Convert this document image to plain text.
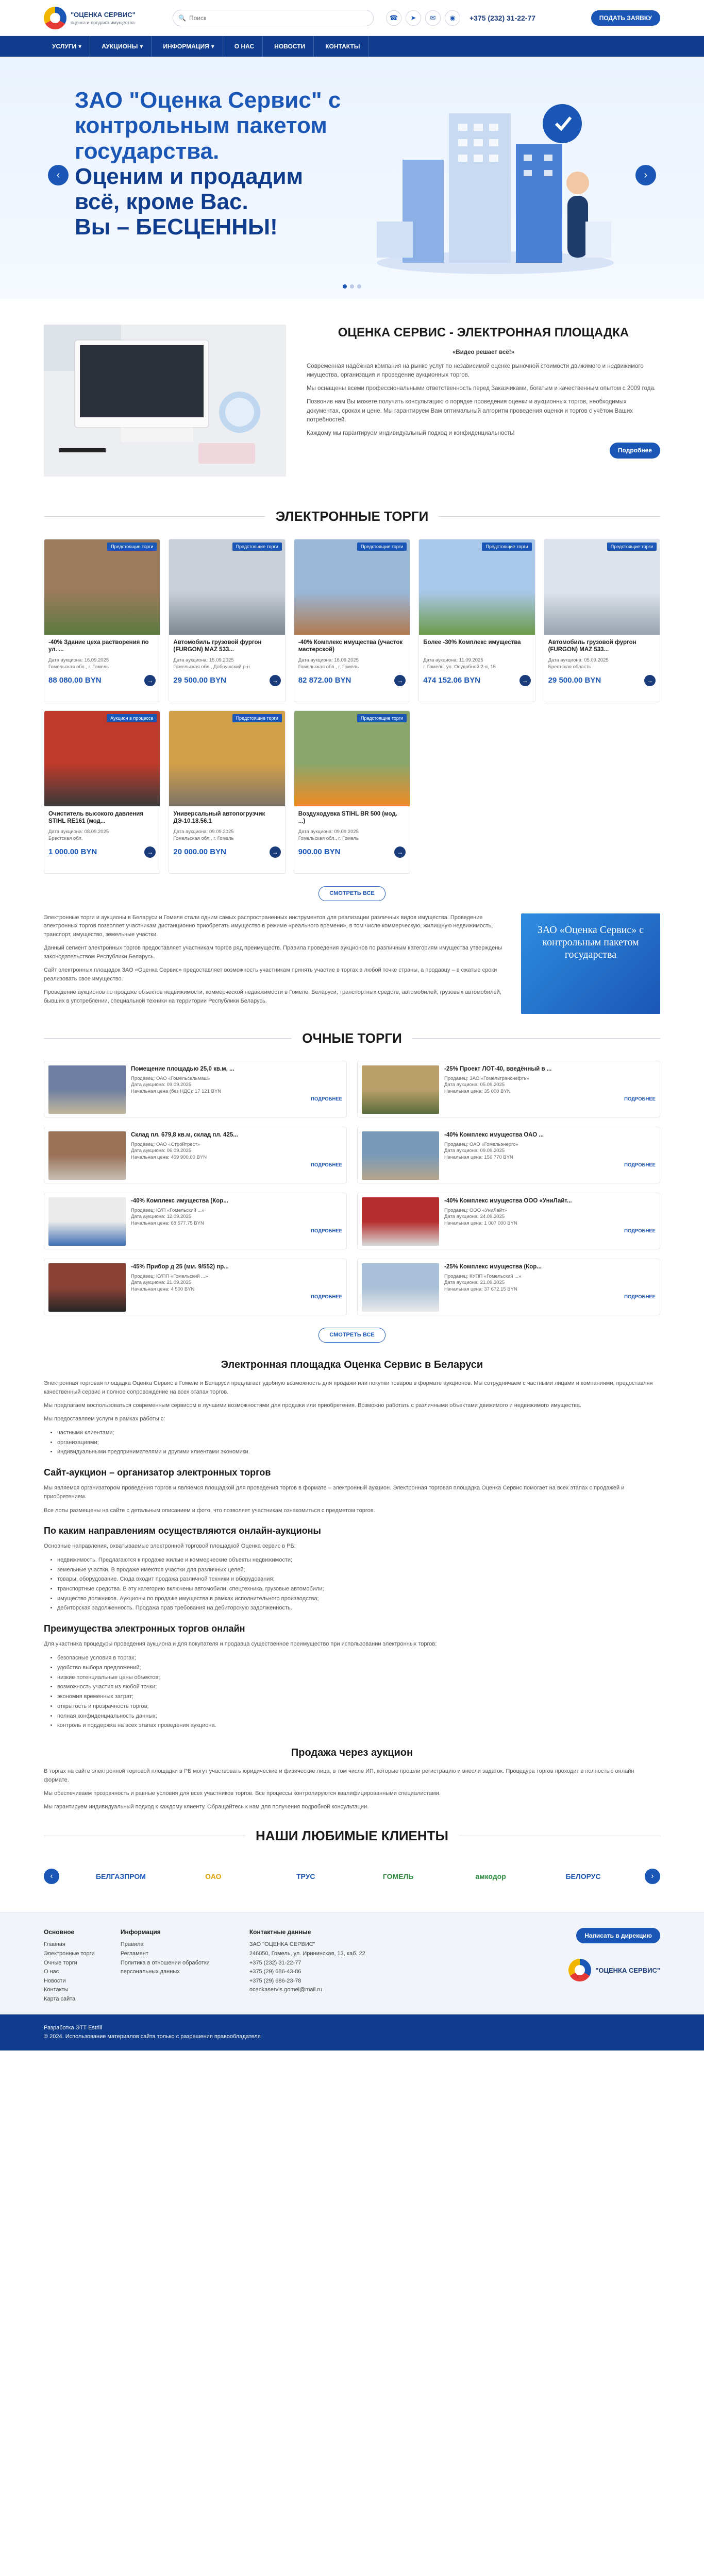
"ОЦЕНКА СЕРВИС"
оценка и продажа имущества
🔍
Поиск	☎	➤	✉	◉	+375 (232) 31-22-77	ПОДАТЬ ЗАЯВКУ
УСЛУГИ ▾	АУКЦИОНЫ ▾	ИНФОРМАЦИЯ ▾	О НАС	НОВОСТИ	КОНТАКТЫ
ЗАО "Оценка Сервис" с контрольным пакетом государства.
Оценим и продадим всё, кроме Вас.
Вы – БЕСЦЕННЫ!
‹	›
ОЦЕНКА СЕРВИС - ЭЛЕКТРОННАЯ ПЛОЩАДКА

«Видео решает всё!»

Современная надёжная компания на рынке услуг по независимой оценке рыночной стоимости движимого и недвижимого имущества, организация и проведение аукционных торгов.

Мы оснащены всеми профессиональными ответственность перед Заказчиками, богатым и качественным опытом с 2009 года.

Позвонив нам Вы можете получить консультацию о порядке проведения оценки и аукционных торгов, необходимых документах, сроках и цене. Мы гарантируем Вам оптимальный алгоритм проведения оценки и торгов с учётом Ваших потребностей.

Каждому мы гарантируем индивидуальный подход и конфиденциальность!

Подробнее
ЭЛЕКТРОННЫЕ ТОРГИ
Предстоящие торги
-40% Здание цеха растворения по ул. ...
Дата аукциона: 16.09.2025
Гомельская обл., г. Гомель
88 080.00 BYN	→
Предстоящие торги
Автомобиль грузовой фургон (FURGON) MAZ 533...
Дата аукциона: 15.09.2025
Гомельская обл., Добрушский р-н
29 500.00 BYN	→
Предстоящие торги
-40% Комплекс имущества (участок мастерской)
Дата аукциона: 16.09.2025
Гомельская обл., г. Гомель
82 872.00 BYN	→
Предстоящие торги
Более -30% Комплекс имущества
Дата аукциона: 11.09.2025
г. Гомель, ул. Осудобной 2-я, 15
474 152.06 BYN	→
Предстоящие торги
Автомобиль грузовой фургон (FURGON) MAZ 533...
Дата аукциона: 05.09.2025
Брестская область
29 500.00 BYN	→
Аукцион в процессе
Очиститель высокого давления STIHL RE161 (мод...
Дата аукциона: 08.09.2025
Брестская обл.
1 000.00 BYN	→
Предстоящие торги
Универсальный автопогрузчик ДЭ-10.18.56.1
Дата аукциона: 09.09.2025
Гомельская обл., г. Гомель
20 000.00 BYN	→
Предстоящие торги
Воздуходувка STIHL BR 500 (мод. ...)
Дата аукциона: 09.09.2025
Гомельская обл., г. Гомель
900.00 BYN	→
СМОТРЕТЬ ВСЕ

Электронные торги и аукционы в Беларуси и Гомеле стали одним самых распространенных инструментов для реализации различных видов имущества. Проведение электронных торгов позволяет участникам дистанционно приобретать имущество в режиме «реального времени», в том числе коммерческую, жилищную недвижимость, транспорт, имущество, земельные участки.

Данный сегмент электронных торгов предоставляет участникам торгов ряд преимуществ. Правила проведения аукционов по различным категориям имущества утверждены законодательством Республики Беларусь.

Сайт электронных площадок ЗАО «Оценка Сервис» предоставляет возможность участникам принять участие в торгах в любой точке страны, а продавцу – в сжатые сроки реализовать свое имущество.

Проведение аукционов по продаже объектов недвижимости, коммерческой недвижимости в Гомеле, Беларуси, транспортных средств, автомобилей, грузовых автомобилей, бывших в употреблении, специальной техники на территории Республики Беларусь.

ЗАО «Оценка Сервис» с контрольным пакетом государства
ОЧНЫЕ ТОРГИ
Помещение площадью 25,0 кв.м, ...
Продавец: ОАО «Гомельсельмаш»
Дата аукциона: 09.09.2025
Начальная цена (без НДС): 17 121 BYN
ПОДРОБНЕЕ
-25% Проект ЛОТ-40, введённый в ...
Продавец: ЗАО «Гомельтранснефть»
Дата аукциона: 05.09.2025
Начальная цена: 35 000 BYN
ПОДРОБНЕЕ
Склад пл. 679,8 кв.м, склад пл. 425...
Продавец: ОАО «Стройтрест»
Дата аукциона: 06.09.2025
Начальная цена: 469 900.00 BYN
ПОДРОБНЕЕ
-40% Комплекс имущества ОАО ...
Продавец: ОАО «Гомельэнерго»
Дата аукциона: 09.09.2025
Начальная цена: 156 770 BYN
ПОДРОБНЕЕ
-40% Комплекс имущества (Кор...
Продавец: КУП «Гомельский ...»
Дата аукциона: 12.09.2025
Начальная цена: 68 577.75 BYN
ПОДРОБНЕЕ
-40% Комплекс имущества ООО «УниЛайт...
Продавец: ООО «УниЛайт»
Дата аукциона: 24.09.2025
Начальная цена: 1 007 000 BYN
ПОДРОБНЕЕ
-45% Прибор д 25 (мм. 9/552) пр...
Продавец: КУПП «Гомельский ...»
Дата аукциона: 21.09.2025
Начальная цена: 4 500 BYN
ПОДРОБНЕЕ
-25% Комплекс имущества (Кор...
Продавец: КУПП «Гомельский ...»
Дата аукциона: 21.09.2025
Начальная цена: 37 672.15 BYN
ПОДРОБНЕЕ
СМОТРЕТЬ ВСЕ
Электронная площадка Оценка Сервис в Беларуси

Электронная торговая площадка Оценка Сервис в Гомеле и Беларуси предлагает удобную возможность для продажи или покупки товаров в формате аукционов. Мы сотрудничаем с частными лицами и компаниями, предоставляя качественный сервис и полное сопровождение на всех этапах торгов.

Мы предлагаем воспользоваться современным сервисом в лучшими возможностями для продажи или приобретения. Возможно работать с различными объектами движимого и недвижимого имущества.

Мы предоставляем услуги в рамках работы с:

• частными клиентами;
• организациями;
• индивидуальными предпринимателями и другими клиентами экономики.
Сайт-аукцион – организатор электронных торгов

Мы являемся организатором проведения торгов и являемся площадкой для проведения торгов в формате – электронный аукцион. Электронная торговая площадка Оценка Сервис помогает на всех этапах с продажей и приобретением.

Все лоты размещены на сайте с детальным описанием и фото, что позволяет участникам ознакомиться с предметом торгов.

По каким направлениям осуществляются онлайн-аукционы

Основные направления, охватываемые электронной торговой площадкой Оценка сервис в РБ:

• недвижимость. Предлагаются к продаже жилые и коммерческие объекты недвижимости;
• земельные участки. В продаже имеются участки для различных целей;
• товары, оборудование. Сюда входит продажа различной техники и оборудования;
• транспортные средства. В эту категорию включены автомобили, спецтехника, грузовые автомобили;
• имущество должников. Аукционы по продаже имущества в рамках исполнительного производства;
• дебиторская задолженность. Продажа прав требования на дебиторскую задолженность.
Преимущества электронных торгов онлайн

Для участника процедуры проведения аукциона и для покупателя и продавца существенное преимущество при использовании электронных торгов:

• безопасные условия в торгах;
• удобство выбора предложений;
• низкие потенциальные цены объектов;
• возможность участия из любой точки;
• экономия временных затрат;
• открытость и прозрачность торгов;
• полная конфиденциальность данных;
• контроль и поддержка на всех этапах проведения аукциона.
Продажа через аукцион

В торгах на сайте электронной торговой площадки в РБ могут участвовать юридические и физические лица, в том числе ИП, которые прошли регистрацию и внесли задаток. Процедура торгов проходит в полностью онлайн формате.

Мы обеспечиваем прозрачность и равные условия для всех участников торгов. Все процессы контролируются квалифицированными специалистами.

Мы гарантируем индивидуальный подход к каждому клиенту. Обращайтесь к нам для получения подробной консультации.

НАШИ ЛЮБИМЫЕ КЛИЕНТЫ
‹	БЕЛГАЗПРОМ	ОАО	ТРУС	ГОМЕЛЬ	амкодор	БЕЛОРУС	›
Основное
Главная
Электронные торги
Очные торги
О нас
Новости
Контакты
Карта сайта
Информация
Правила
Регламент
Политика в отношении обработки персональных данных
Контактные данные
ЗАО "ОЦЕНКА СЕРВИС"
246050, Гомель, ул. Ирининская, 13, каб. 22
+375 (232) 31-22-77
+375 (29) 686-43-86
+375 (29) 686-23-78
ocenkaservis.gomel@mail.ru
Написать в дирекцию
"ОЦЕНКА СЕРВИС"
Разработка ЭТТ Estrill
© 2024. Использование материалов сайта только с разрешения правообладателя
